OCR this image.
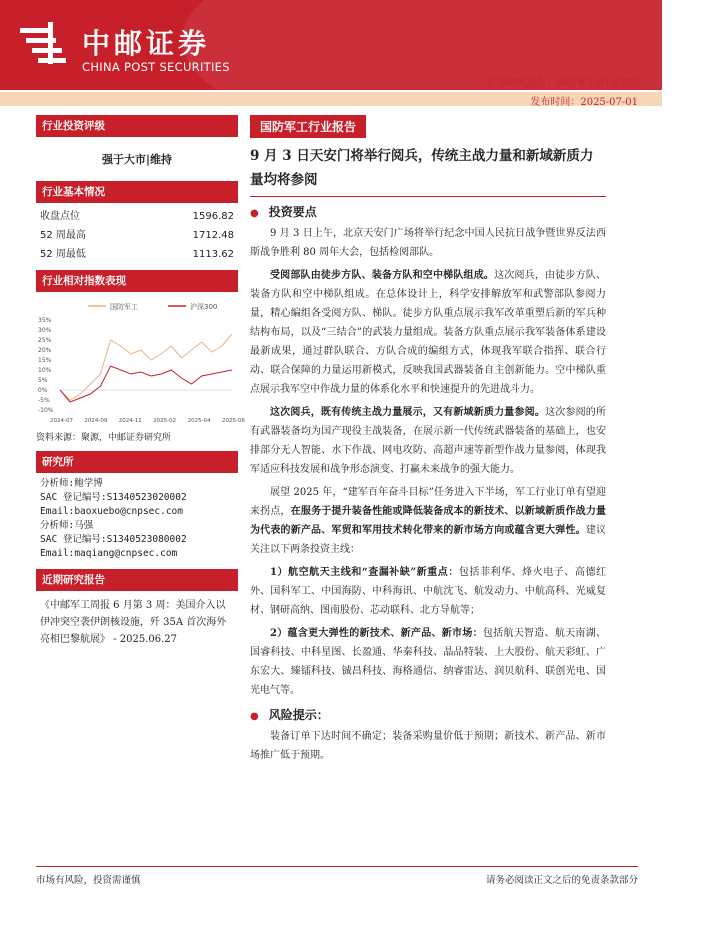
中邮证券
CHINA POST SECURITIES
证券研究报告：国防军工|行业周报
发布时间：2025-07-01
行业投资评级
强于大市|维持
行业基本情况
收盘点位	1596.82
52 周最高	1712.48
52 周最低	1113.62
行业相对指数表现
国防军工	沪深300
35%
30%
25%
20%
15%
10%
5%
0%
-5%
-10%
2024-07 2024-09 2024-11 2025-02 2025-04 2025-06
资料来源：聚源，中邮证券研究所
研究所
分析师:鲍学博
SAC 登记编号:S1340523020002
Email:baoxuebo@cnpsec.com
分析师:马强
SAC 登记编号:S1340523080002
Email:maqiang@cnpsec.com
近期研究报告
《中邮军工周报 6 月第 3 周：美国介入以伊冲突空袭伊朗核设施，歼 35A 首次海外亮相巴黎航展》 - 2025.06.27
国防军工行业报告
9 月 3 日天安门将举行阅兵，传统主战力量和新域新质力量均将参阅
● 投资要点
9 月 3 日上午，北京天安门广场将举行纪念中国人民抗日战争暨世界反法西斯战争胜利 80 周年大会，包括检阅部队。
受阅部队由徒步方队、装备方队和空中梯队组成。这次阅兵，由徒步方队、装备方队和空中梯队组成。在总体设计上，科学安排解放军和武警部队参阅力量，精心编组各受阅方队、梯队。徒步方队重点展示我军改革重塑后新的军兵种结构布局，以及“三结合”的武装力量组成。装备方队重点展示我军装备体系建设最新成果，通过群队联合、方队合成的编组方式，体现我军联合指挥、联合行动、联合保障的力量运用新模式，反映我国武器装备自主创新能力。空中梯队重点展示我军空中作战力量的体系化水平和快速提升的先进战斗力。
这次阅兵，既有传统主战力量展示，又有新域新质力量参阅。这次参阅的所有武器装备均为国产现役主战装备，在展示新一代传统武器装备的基础上，也安排部分无人智能、水下作战、网电攻防、高超声速等新型作战力量参阅，体现我军适应科技发展和战争形态演变、打赢未来战争的强大能力。
展望 2025 年，“建军百年奋斗目标”任务进入下半场，军工行业订单有望迎来拐点，在服务于提升装备性能或降低装备成本的新技术、以新域新质作战力量为代表的新产品、军贸和军用技术转化带来的新市场方向或蕴含更大弹性。建议关注以下两条投资主线：
1）航空航天主线和“查漏补缺”新重点：包括菲利华、烽火电子、高德红外、国科军工、中国海防、中科海讯、中航沈飞、航发动力、中航高科、光威复材、钢研高纳、图南股份、芯动联科、北方导航等；
2）蕴含更大弹性的新技术、新产品、新市场：包括航天智造、航天南湖、国睿科技、中科星图、长盈通、华秦科技、晶品特装、上大股份、航天彩虹、广东宏大、臻镭科技、铖昌科技、海格通信、纳睿雷达、润贝航科、联创光电、国光电气等。
● 风险提示：
装备订单下达时间不确定；装备采购量价低于预期；新技术、新产品、新市场推广低于预期。
市场有风险，投资需谨慎	请务必阅读正文之后的免责条款部分
